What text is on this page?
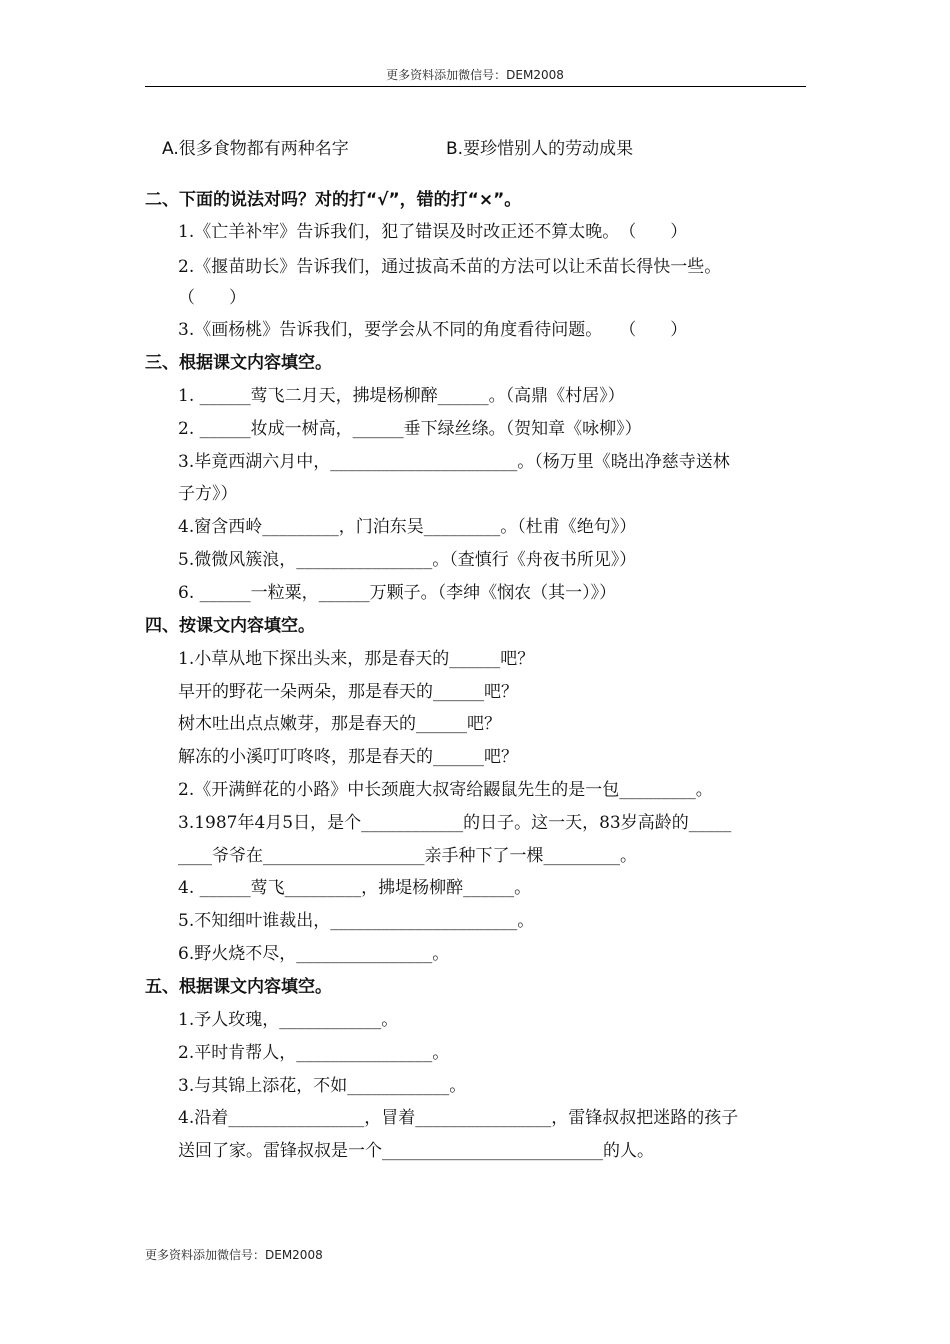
更多资料添加微信号：DEM2008
A.很多食物都有两种名字	B.要珍惜别人的劳动成果
二、下面的说法对吗？对的打“√”，错的打“×”。
1.《亡羊补牢》告诉我们，犯了错误及时改正还不算太晚。　（　　）
2.《揠苗助长》告诉我们，通过拔高禾苗的方法可以让禾苗长得快一些。
（　　）
3.《画杨桃》告诉我们，要学会从不同的角度看待问题。　　（　　）
三、根据课文内容填空。
1. ______莺飞二月天，拂堤杨柳醉______。（高鼎《村居》）
2. ______妆成一树高，______垂下绿丝绦。（贺知章《咏柳》）
3.毕竟西湖六月中，______________________。（杨万里《晓出净慈寺送林
子方》）
4.窗含西岭_________，门泊东吴_________。（杜甫《绝句》）
5.微微风簇浪，________________。（查慎行《舟夜书所见》）
6. ______一粒粟，______万颗子。（李绅《悯农（其一）》）
四、按课文内容填空。
1.小草从地下探出头来，那是春天的______吧？
早开的野花一朵两朵，那是春天的______吧？
树木吐出点点嫩芽，那是春天的______吧？
解冻的小溪叮叮咚咚，那是春天的______吧？
2.《开满鲜花的小路》中长颈鹿大叔寄给鼹鼠先生的是一包_________。
3.1987年4月5日，是个____________的日子。这一天，83岁高龄的_____
____爷爷在___________________亲手种下了一棵_________。
4. ______莺飞_________，拂堤杨柳醉______。
5.不知细叶谁裁出，______________________。
6.野火烧不尽，________________。
五、根据课文内容填空。
1.予人玫瑰，____________。
2.平时肯帮人，________________。
3.与其锦上添花，不如____________。
4.沿着________________，冒着________________，雷锋叔叔把迷路的孩子
送回了家。雷锋叔叔是一个__________________________的人。
更多资料添加微信号：DEM2008
